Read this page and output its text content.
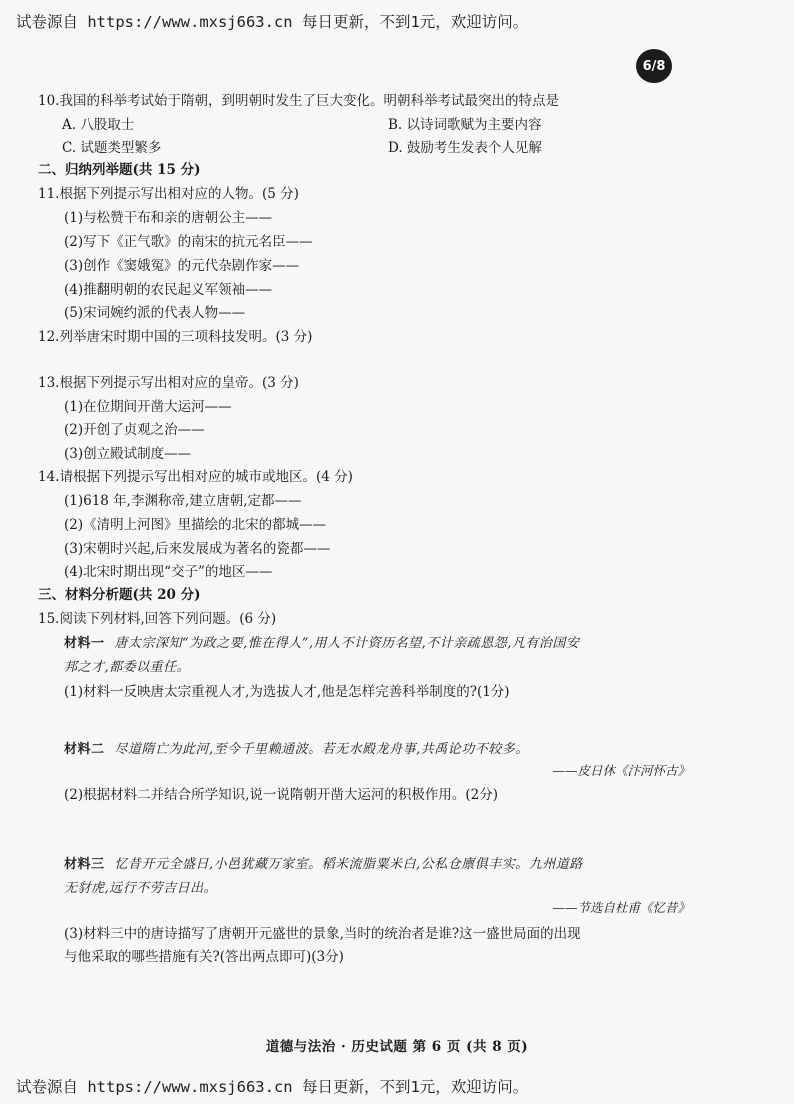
试卷源自 https://www.mxsj663.cn 每日更新，不到1元，欢迎访问。
6/8
10.我国的科举考试始于隋朝，到明朝时发生了巨大变化。明朝科举考试最突出的特点是
A. 八股取士	B. 以诗词歌赋为主要内容
C. 试题类型繁多	D. 鼓励考生发表个人见解
二、归纳列举题(共 15 分)
11.根据下列提示写出相对应的人物。(5 分)
(1)与松赞干布和亲的唐朝公主——
(2)写下《正气歌》的南宋的抗元名臣——
(3)创作《窦娥冤》的元代杂剧作家——
(4)推翻明朝的农民起义军领袖——
(5)宋词婉约派的代表人物——
12.列举唐宋时期中国的三项科技发明。(3 分)
13.根据下列提示写出相对应的皇帝。(3 分)
(1)在位期间开凿大运河——
(2)开创了贞观之治——
(3)创立殿试制度——
14.请根据下列提示写出相对应的城市或地区。(4 分)
(1)618 年,李渊称帝,建立唐朝,定都——
(2)《清明上河图》里描绘的北宋的都城——
(3)宋朝时兴起,后来发展成为著名的瓷都——
(4)北宋时期出现“交子”的地区——
三、材料分析题(共 20 分)
15.阅读下列材料,回答下列问题。(6 分)
材料一 唐太宗深知“为政之要,惟在得人”,用人不计资历名望,不计亲疏恩怨,凡有治国安
邦之才,都委以重任。
(1)材料一反映唐太宗重视人才,为选拔人才,他是怎样完善科举制度的?(1分)
材料二 尽道隋亡为此河,至今千里赖通波。若无水殿龙舟事,共禹论功不较多。
——皮日休《汴河怀古》
(2)根据材料二并结合所学知识,说一说隋朝开凿大运河的积极作用。(2分)
材料三 忆昔开元全盛日,小邑犹藏万家室。稻米流脂粟米白,公私仓廪俱丰实。九州道路
无豺虎,远行不劳吉日出。
——节选自杜甫《忆昔》
(3)材料三中的唐诗描写了唐朝开元盛世的景象,当时的统治者是谁?这一盛世局面的出现
与他采取的哪些措施有关?(答出两点即可)(3分)
道德与法治 · 历史试题 第 6 页 (共 8 页)
试卷源自 https://www.mxsj663.cn 每日更新，不到1元，欢迎访问。
